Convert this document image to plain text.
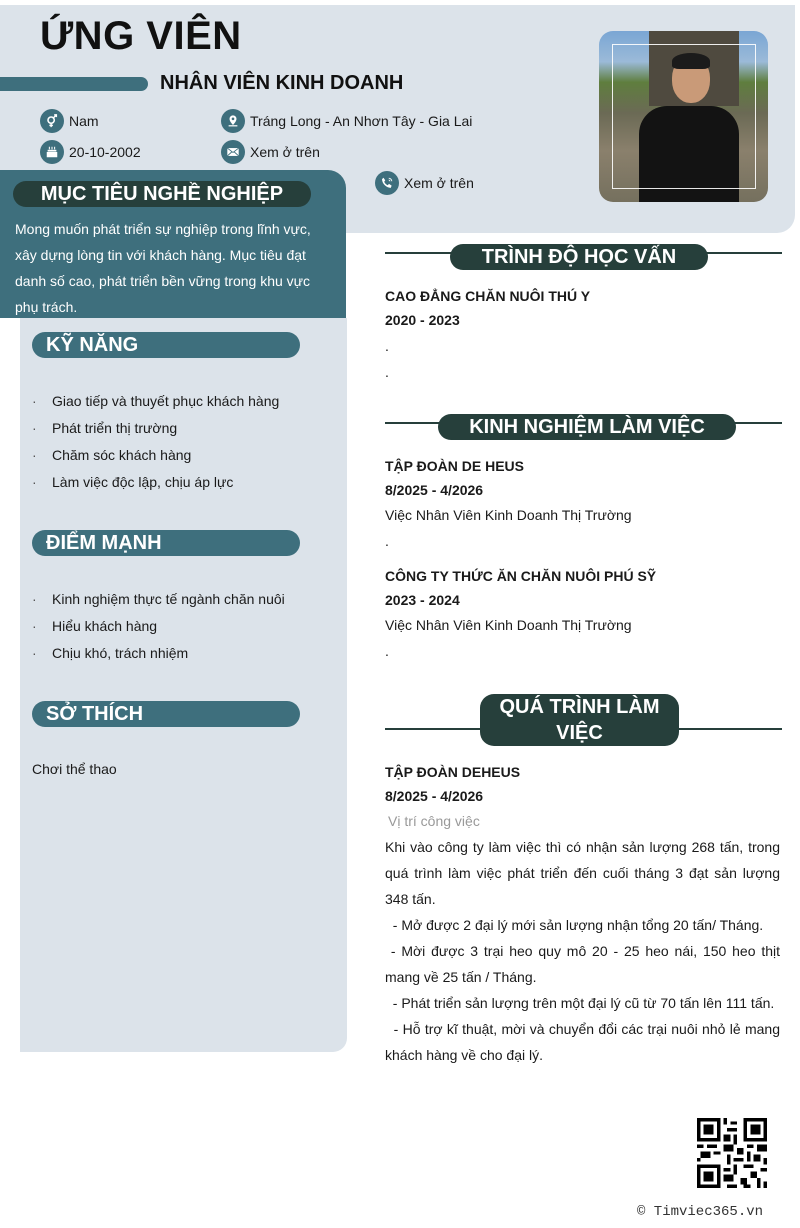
ỨNG VIÊN
NHÂN VIÊN KINH DOANH
Nam
20-10-2002
Tráng Long - An Nhơn Tây - Gia Lai
Xem ở trên
Xem ở trên
MỤC TIÊU NGHỀ NGHIỆP
Mong muốn phát triển sự nghiệp trong lĩnh vực, xây dựng lòng tin với khách hàng. Mục tiêu đạt danh số cao, phát triển bền vững trong khu vực phụ trách.
KỸ NĂNG
·	Giao tiếp và thuyết phục khách hàng
·	Phát triển thị trường
·	Chăm sóc khách hàng
·	Làm việc độc lập, chịu áp lực
ĐIỂM MẠNH
·	Kinh nghiệm thực tế ngành chăn nuôi
·	Hiểu khách hàng
·	Chịu khó, trách nhiệm
SỞ THÍCH
Chơi thể thao
TRÌNH ĐỘ HỌC VẤN
CAO ĐẲNG CHĂN NUÔI THÚ Y
2020 - 2023
.
.
KINH NGHIỆM LÀM VIỆC
TẬP ĐOÀN DE HEUS
8/2025 - 4/2026
Việc Nhân Viên Kinh Doanh Thị Trường
.
CÔNG TY THỨC ĂN CHĂN NUÔI PHÚ SỸ
2023 - 2024
Việc Nhân Viên Kinh Doanh Thị Trường
.
QUÁ TRÌNH LÀM
VIỆC
TẬP ĐOÀN DEHEUS
8/2025 - 4/2026
Vị trí công việc
Khi vào công ty làm việc thì có nhận sản lượng 268 tấn, trong quá trình làm việc phát triển đến cuối tháng 3 đạt sản lượng 348 tấn.
- Mở được 2 đại lý mới sản lượng nhận tổng 20 tấn/ Tháng.
- Mời được 3 trại heo quy mô 20 - 25 heo nái, 150 heo thịt mang về 25 tấn / Tháng.
- Phát triển sản lượng trên một đại lý cũ từ 70 tấn lên 111 tấn.
- Hỗ trợ kĩ thuật, mời và chuyển đổi các trại nuôi nhỏ lẻ mang khách hàng về cho đại lý.
© Timviec365.vn
